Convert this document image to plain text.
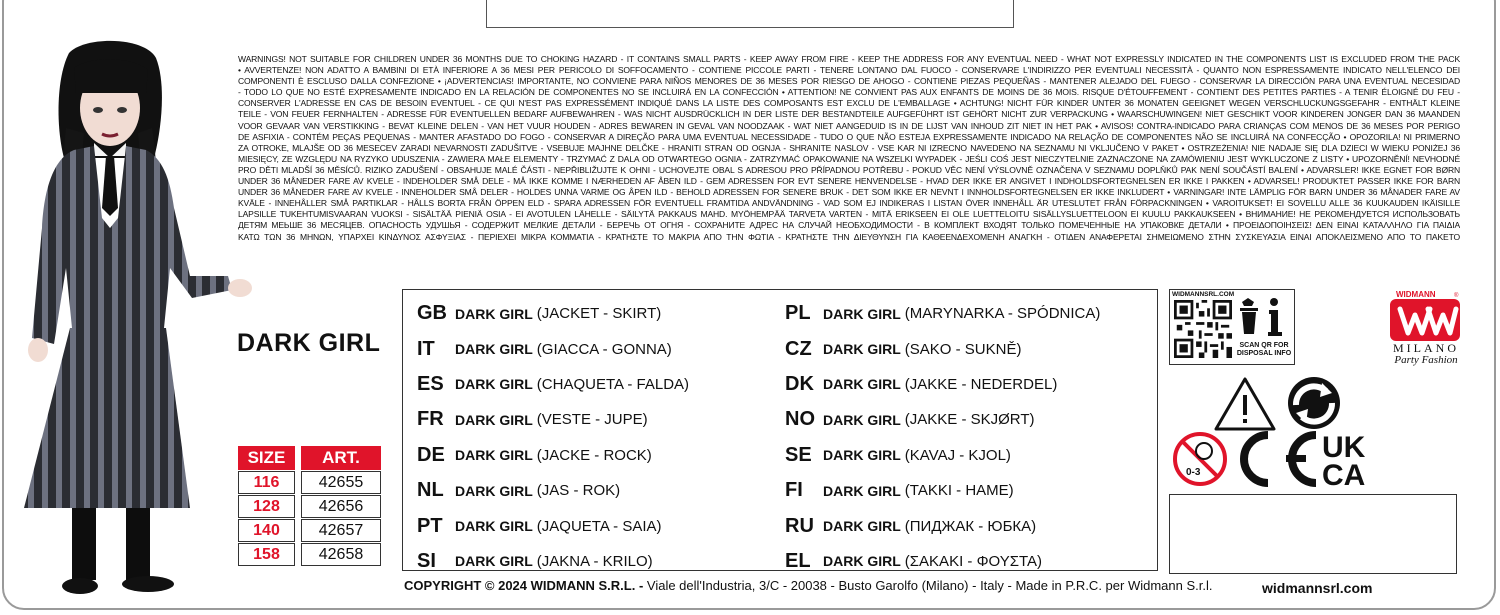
WARNINGS! NOT SUITABLE FOR CHILDREN UNDER 36 MONTHS DUE TO CHOKING HAZARD - IT CONTAINS SMALL PARTS - KEEP AWAY FROM FIRE - KEEP THE ADDRESS FOR ANY EVENTUAL NEED - WHAT NOT EXPRESSLY INDICATED IN THE COMPONENTS LIST IS EXCLUDED FROM THE PACK
• AVVERTENZE! NON ADATTO A BAMBINI DI ETÀ INFERIORE A 36 MESI PER PERICOLO DI SOFFOCAMENTO - CONTIENE PICCOLE PARTI - TENERE LONTANO DAL FUOCO - CONSERVARE L'INDIRIZZO PER EVENTUALI NECESSITÀ - QUANTO NON ESPRESSAMENTE INDICATO NELL'ELENCO DEI
COMPONENTI È ESCLUSO DALLA CONFEZIONE • ¡ADVERTENCIAS! IMPORTANTE, NO CONVIENE PARA NIÑOS MENORES DE 36 MESES POR RIESGO DE AHOGO - CONTIENE PIEZAS PEQUEÑAS - MANTENER ALEJADO DEL FUEGO - CONSERVAR LA DIRECCIÓN PARA UNA EVENTUAL NECESIDAD
- TODO LO QUE NO ESTÉ EXPRESAMENTE INDICADO EN LA RELACIÓN DE COMPONENTES NO SE INCLUIRÁ EN LA CONFECCIÓN • ATTENTION! NE CONVIENT PAS AUX ENFANTS DE MOINS DE 36 MOIS. RISQUE D'ÉTOUFFEMENT - CONTIENT DES PETITES PARTIES - A TENIR ÉLOIGNÉ DU FEU -
CONSERVER L'ADRESSE EN CAS DE BESOIN EVENTUEL - CE QUI N'EST PAS EXPRESSÉMENT INDIQUÉ DANS LA LISTE DES COMPOSANTS EST EXCLU DE L'EMBALLAGE • ACHTUNG! NICHT FÜR KINDER UNTER 36 MONATEN GEEIGNET WEGEN VERSCHLUCKUNGSGEFAHR - ENTHÄLT KLEINE
TEILE - VON FEUER FERNHALTEN - ADRESSE FÜR EVENTUELLEN BEDARF AUFBEWAHREN - WAS NICHT AUSDRÜCKLICH IN DER LISTE DER BESTANDTEILE AUFGEFÜHRT IST GEHÖRT NICHT ZUR VERPACKUNG • WAARSCHUWINGEN! NIET GESCHIKT VOOR KINDEREN JONGER DAN 36 MAANDEN
VOOR GEVAAR VAN VERSTIKKING - BEVAT KLEINE DELEN - VAN HET VUUR HOUDEN - ADRES BEWAREN IN GEVAL VAN NOODZAAK - WAT NIET AANGEDUID IS IN DE LIJST VAN INHOUD ZIT NIET IN HET PAK • AVISOS! CONTRA-INDICADO PARA CRIANÇAS COM MENOS DE 36 MESES POR PERIGO
DE ASFIXIA - CONTÉM PEÇAS PEQUENAS - MANTER AFASTADO DO FOGO - CONSERVAR A DIREÇÃO PARA UMA EVENTUAL NECESSIDADE - TUDO O QUE NÃO ESTEJA EXPRESSAMENTE INDICADO NA RELAÇÃO DE COMPONENTES NÃO SE INCLUIRÁ NA CONFECÇÃO • OPOZORILA! NI PRIMERNO
ZA OTROKE, MLAJŠE OD 36 MESECEV ZARADI NEVARNOSTI ZADUŠITVE - VSEBUJE MAJHNE DELČKE - HRANITI STRAN OD OGNJA - SHRANITE NASLOV - VSE KAR NI IZRECNO NAVEDENO NA SEZNAMU NI VKLJUČENO V PAKET • OSTRZEŻENIA! NIE NADAJE SIĘ DLA DZIECI W WIEKU PONIŻEJ 36
MIESIĘCY, ZE WZGLĘDU NA RYZYKO UDUSZENIA - ZAWIERA MAŁE ELEMENTY - TRZYMAĆ Z DALA OD OTWARTEGO OGNIA - ZATRZYMAĆ OPAKOWANIE NA WSZELKI WYPADEK - JEŚLI COŚ JEST NIECZYTELNIE ZAZNACZONE NA ZAMÓWIENIU JEST WYKLUCZONE Z LISTY • UPOZORNĚNÍ! NEVHODNÉ
PRO DĚTI MLADŠÍ 36 MĚSÍCŮ. RIZIKO ZADUŠENÍ - OBSAHUJE MALÉ ČÁSTI - NEPŘIBLIŽUJTE K OHNI - UCHOVEJTE OBAL S ADRESOU PRO PŘÍPADNOU POTŘEBU - POKUD VĚC NENÍ VÝSLOVNĚ OZNAČENA V SEZNAMU DOPLŇKŮ PAK NENÍ SOUČÁSTÍ BALENÍ • ADVARSLER! IKKE EGNET FOR BØRN
UNDER 36 MÅNEDER FARE AV KVELE - INDEHOLDER SMÅ DELE - MÅ IKKE KOMME I NÆRHEDEN AF ÅBEN ILD - GEM ADRESSEN FOR EVT SENERE HENVENDELSE - HVAD DER IKKE ER ANGIVET I INDHOLDSFORTEGNELSEN ER IKKE I PAKKEN • ADVARSEL! PRODUKTET PASSER IKKE FOR BARN
UNDER 36 MÅNEDER FARE AV KVELE - INNEHOLDER SMÅ DELER - HOLDES UNNA VARME OG ÅPEN ILD - BEHOLD ADRESSEN FOR SENERE BRUK - DET SOM IKKE ER NEVNT I INNHOLDSFORTEGNELSEN ER IKKE INKLUDERT • VARNINGAR! INTE LÄMPLIG FÖR BARN UNDER 36 MÅNADER FARE AV
KVÄLE - INNEHÅLLER SMÅ PARTIKLAR - HÅLLS BORTA FRÅN ÖPPEN ELD - SPARA ADRESSEN FÖR EVENTUELL FRAMTIDA ANDVÄNDNING - VAD SOM EJ INDIKERAS I LISTAN ÖVER INNEHÅLL ÄR UTESLUTET FRÅN FÖRPACKNINGEN • VAROITUKSET! EI SOVELLU ALLE 36 KUUKAUDEN IKÄISILLE
LAPSILLE TUKEHTUMISVAARAN VUOKSI - SISÄLTÄÄ PIENIÄ OSIA - EI AVOTULEN LÄHELLE - SÄILYTÄ PAKKAUS MAHD. MYÖHEMPÄÄ TARVETA VARTEN - MITÄ ERIKSEEN EI OLE LUETTELOITU SISÄLLYSLUETTELOON EI KUULU PAKKAUKSEEN • ВНИМАНИЕ! НЕ РЕКОМЕНДУЕТСЯ ИСПОЛЬЗОВАТЬ
ДЕТЯМ МЕЬШЕ 36 МЕСЯЦЕВ. ОПАСНОСТЬ УДУШЬЯ - СОДЕРЖИТ МЕЛКИЕ ДЕТАЛИ - БЕРЕЧЬ ОТ ОГНЯ - СОХРАНИТЕ АДРЕС НА СЛУЧАЙ НЕОБХОДИМОСТИ - В КОМПЛЕКТ ВХОДЯТ ТОЛЬКО ПОМЕЧЕННЫЕ НА УПАКОВКЕ ДЕТАЛИ • ΠΡΟΕΙΔΟΠΟΙΗΣΕΙΣ! ΔΕΝ ΕΙΝΑΙ ΚΑΤΑΛΛΗΛΟ ΓΙΑ ΠΑΙΔΙΑ
ΚΑΤΩ ΤΩΝ 36 ΜΗΝΩΝ, ΥΠΑΡΧΕΙ ΚΙΝΔΥΝΟΣ ΑΣΦΥΞΙΑΣ - ΠΕΡΙΕΧΕΙ ΜΙΚΡΑ ΚΟΜΜΑΤΙΑ - ΚΡΑΤΗΣΤΕ ΤΟ ΜΑΚΡΙΑ ΑΠΟ ΤΗΝ ΦΩΤΙΑ - ΚΡΑΤΗΣΤΕ ΤΗΝ ΔΙΕΥΘΥΝΣΗ ΓΙΑ ΚΑΘΕΕΝΔΕΧΟΜΕΝΗ ΑΝΑΓΚΗ - ΟΤΙΔΕΝ ΑΝΑΦΕΡΕΤΑΙ ΣΗΜΕΙΩΜΕΝΟ ΣΤΗΝ ΣΥΣΚΕΥΑΣΙΑ ΕΙΝΑΙ ΑΠΟΚΛΕΙΣΜΕΝΟ ΑΠΟ ΤΟ ΠΑΚΕΤΟ
DARK GIRL
SIZE	ART.
116	42655
128	42656
140	42657
158	42658
GB DARK GIRL (JACKET - SKIRT)
IT	DARK GIRL (GIACCA - GONNA)
ES DARK GIRL (CHAQUETA - FALDA)
FR DARK GIRL (VESTE - JUPE)
DE DARK GIRL (JACKE - ROCK)
NL DARK GIRL (JAS - ROK)
PT DARK GIRL (JAQUETA - SAIA)
SI	DARK GIRL (JAKNA - KRILO)
PL DARK GIRL (MARYNARKA - SPÓDNICA)
CZ DARK GIRL (SAKO - SUKNĚ)
DK DARK GIRL (JAKKE - NEDERDEL)
NO DARK GIRL (JAKKE - SKJØRT)
SE DARK GIRL (KAVAJ - KJOL)
FI	DARK GIRL (TAKKI - HAME)
RU DARK GIRL (ПИДЖАК - ЮБКА)
EL DARK GIRL (ΣΑΚΑΚΙ - ΦΟΥΣΤΑ)
COPYRIGHT © 2024 WIDMANN S.R.L. - Viale dell'Industria, 3/C - 20038 - Busto Garolfo (Milano) - Italy - Made in P.R.C. per Widmann S.r.l.	widmannsrl.com
WIDMANNSRL.COM
SCAN QR FOR DISPOSAL INFO
WIDMANN	®
MILANO
Party Fashion
0-3
UK
CA
